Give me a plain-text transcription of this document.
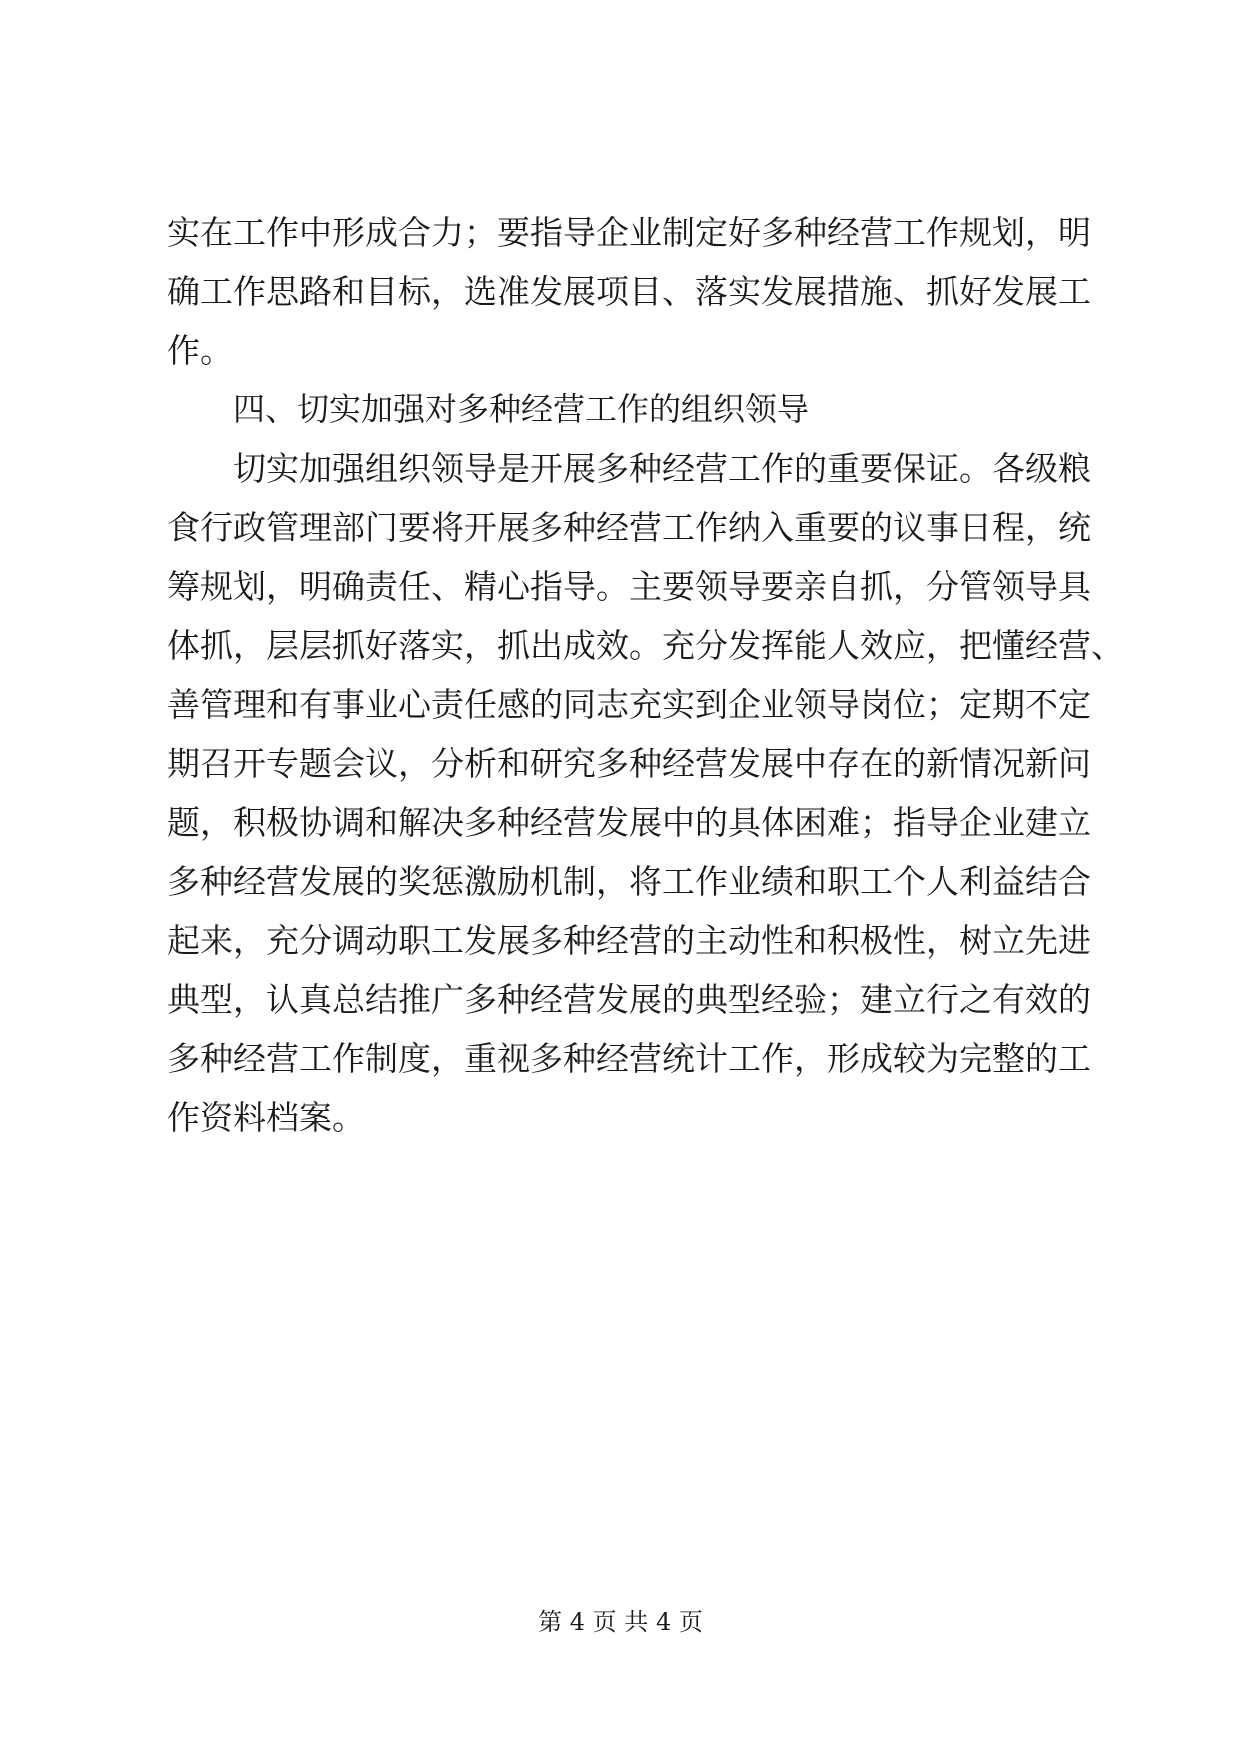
实在工作中形成合力；要指导企业制定好多种经营工作规划，明
确工作思路和目标，选准发展项目、落实发展措施、抓好发展工
作。
四、切实加强对多种经营工作的组织领导
切实加强组织领导是开展多种经营工作的重要保证。各级粮
食行政管理部门要将开展多种经营工作纳入重要的议事日程，统
筹规划，明确责任、精心指导。主要领导要亲自抓，分管领导具
体抓，层层抓好落实，抓出成效。充分发挥能人效应，把懂经营、
善管理和有事业心责任感的同志充实到企业领导岗位；定期不定
期召开专题会议，分析和研究多种经营发展中存在的新情况新问
题，积极协调和解决多种经营发展中的具体困难；指导企业建立
多种经营发展的奖惩激励机制，将工作业绩和职工个人利益结合
起来，充分调动职工发展多种经营的主动性和积极性，树立先进
典型，认真总结推广多种经营发展的典型经验；建立行之有效的
多种经营工作制度，重视多种经营统计工作，形成较为完整的工
作资料档案。
第 4 页 共 4 页
